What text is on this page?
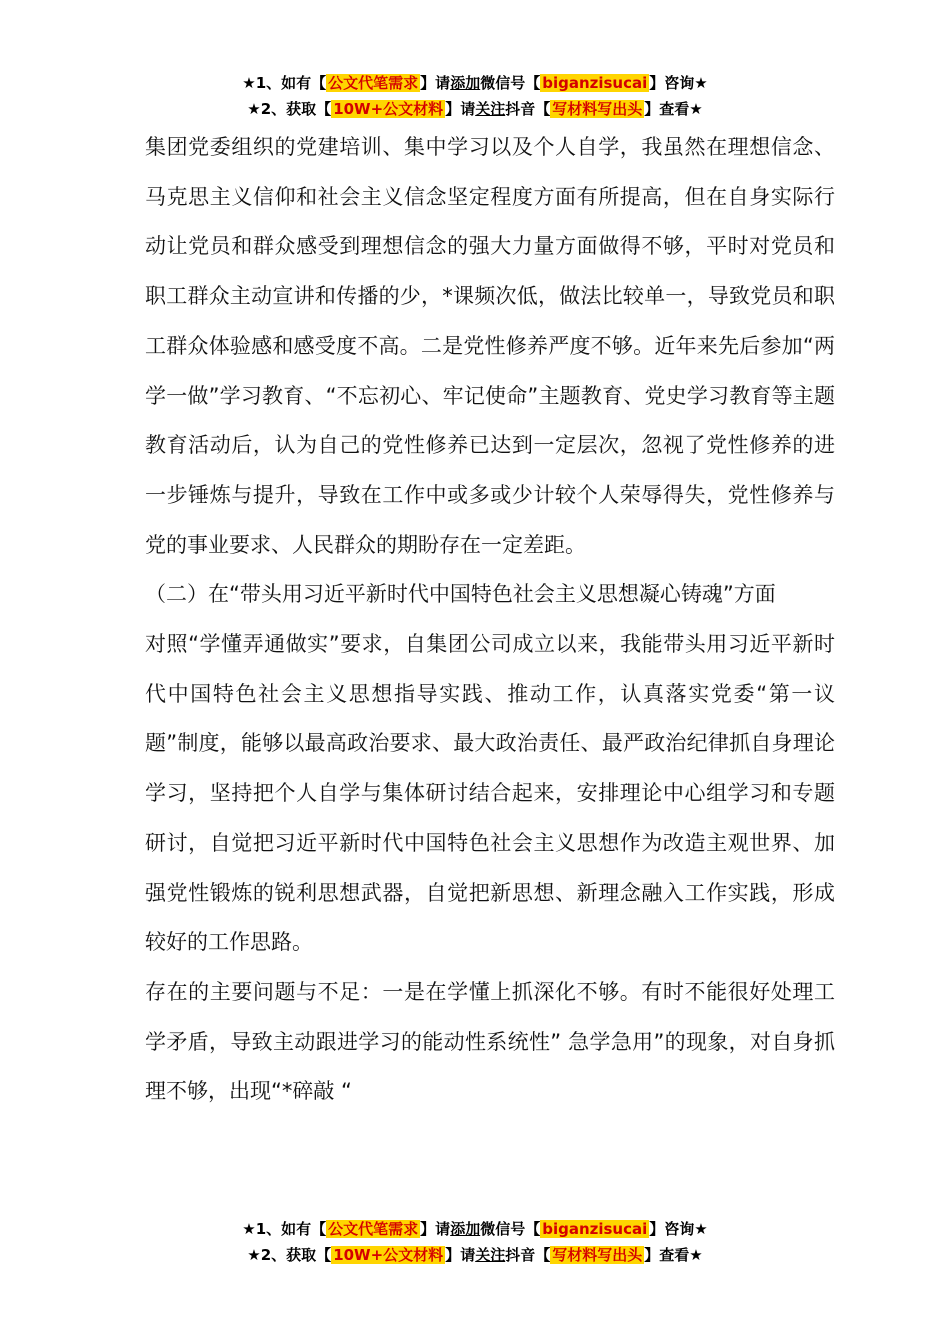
★1、如有【 公文代笔需求 】请添加微信号【 biganzisucai 】咨询★
★2、获取【 10W+公文材料 】请关注抖音【 写材料写出头 】查看★

集团党委组织的党建培训、集中学习以及个人自学，我虽然在理想信念、马克思主义信仰和社会主义信念坚定程度方面有所提高，但在自身实际行动让党员和群众感受到理想信念的强大力量方面做得不够，平时对党员和职工群众主动宣讲和传播的少，*课频次低，做法比较单一，导致党员和职工群众体验感和感受度不高。二是党性修养严度不够。近年来先后参加“两学一做”学习教育、“不忘初心、牢记使命”主题教育、党史学习教育等主题教育活动后，认为自己的党性修养已达到一定层次，忽视了党性修养的进一步锤炼与提升，导致在工作中或多或少计较个人荣辱得失，党性修养与党的事业要求、人民群众的期盼存在一定差距。

（二）在“带头用习近平新时代中国特色社会主义思想凝心铸魂”方面

对照“学懂弄通做实”要求，自集团公司成立以来，我能带头用习近平新时代中国特色社会主义思想指导实践、推动工作，认真落实党委“第一议题”制度，能够以最高政治要求、最大政治责任、最严政治纪律抓自身理论学习，坚持把个人自学与集体研讨结合起来，安排理论中心组学习和专题研讨，自觉把习近平新时代中国特色社会主义思想作为改造主观世界、加强党性锻炼的锐利思想武器，自觉把新思想、新理念融入工作实践，形成较好的工作思路。

存在的主要问题与不足：一是在学懂上抓深化不够。有时不能很好处理工学矛盾，导致主动跟进学习的能动性系统性” 急学急用”的现象，对自身抓理不够，出现“*碎敲 “

★1、如有【 公文代笔需求 】请添加微信号【 biganzisucai 】咨询★
★2、获取【 10W+公文材料 】请关注抖音【 写材料写出头 】查看★
